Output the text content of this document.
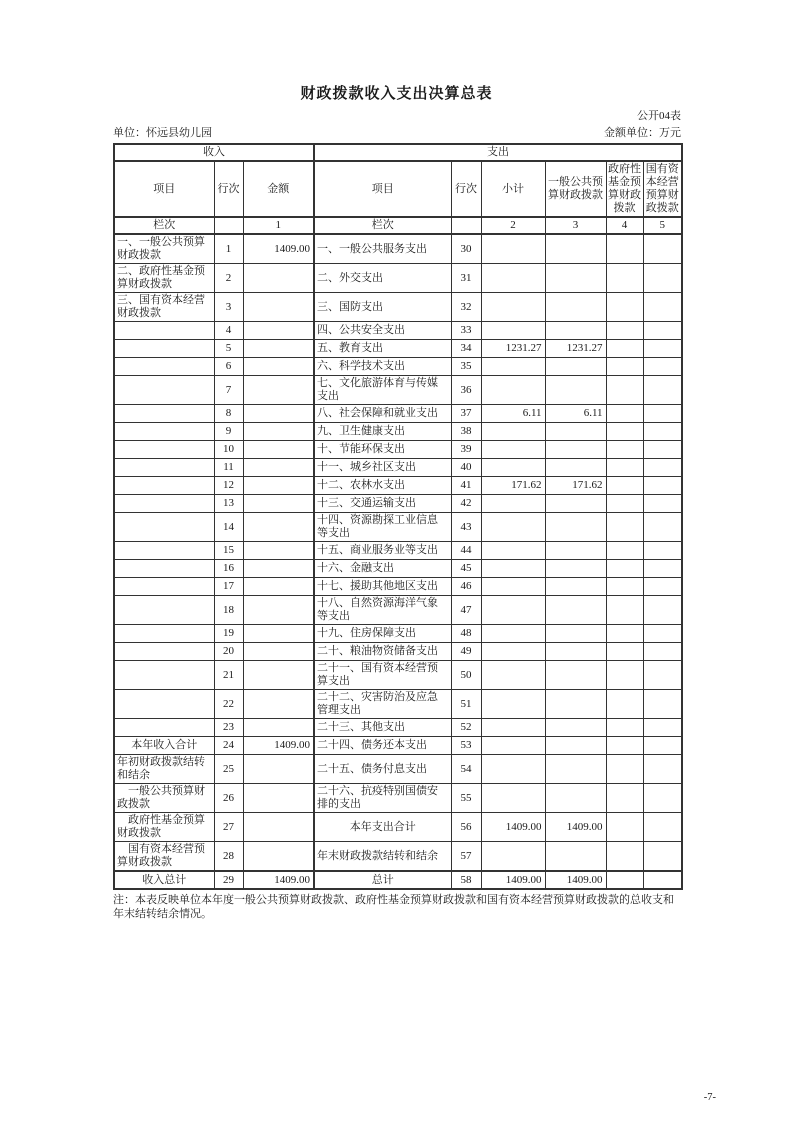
财政拨款收入支出决算总表
公开04表
单位：怀远县幼儿园	金额单位：万元
收入			支出					
项目	行次	金额	项目	行次	小计	一般公共预算财政拨款	政府性基金预算财政拨款	国有资本经营预算财政拨款
栏次		1	栏次		2	3	4	5
一、一般公共预算财政拨款	1	1409.00	一、一般公共服务支出	30				
二、政府性基金预算财政拨款	2		二、外交支出	31				
三、国有资本经营财政拨款	3		三、国防支出	32				
	4		四、公共安全支出	33				
	5		五、教育支出	34	1231.27	1231.27		
	6		六、科学技术支出	35				
	7		七、文化旅游体育与传媒支出	36				
	8		八、社会保障和就业支出	37	6.11	6.11		
	9		九、卫生健康支出	38				
	10		十、节能环保支出	39				
	11		十一、城乡社区支出	40				
	12		十二、农林水支出	41	171.62	171.62		
	13		十三、交通运输支出	42				
	14		十四、资源勘探工业信息等支出	43				
	15		十五、商业服务业等支出	44				
	16		十六、金融支出	45				
	17		十七、援助其他地区支出	46				
	18		十八、自然资源海洋气象等支出	47				
	19		十九、住房保障支出	48				
	20		二十、粮油物资储备支出	49				
	21		二十一、国有资本经营预算支出	50				
	22		二十二、灾害防治及应急管理支出	51				
	23		二十三、其他支出	52				
本年收入合计	24	1409.00	二十四、债务还本支出	53				
年初财政拨款结转和结余	25		二十五、债务付息支出	54				
一般公共预算财政拨款	26		二十六、抗疫特别国债安排的支出	55				
政府性基金预算财政拨款	27		本年支出合计	56	1409.00	1409.00		
国有资本经营预算财政拨款	28		年末财政拨款结转和结余	57				
收入总计	29	1409.00	总计	58	1409.00	1409.00		
注：本表反映单位本年度一般公共预算财政拨款、政府性基金预算财政拨款和国有资本经营预算财政拨款的总收支和年末结转结余情况。
-7-
